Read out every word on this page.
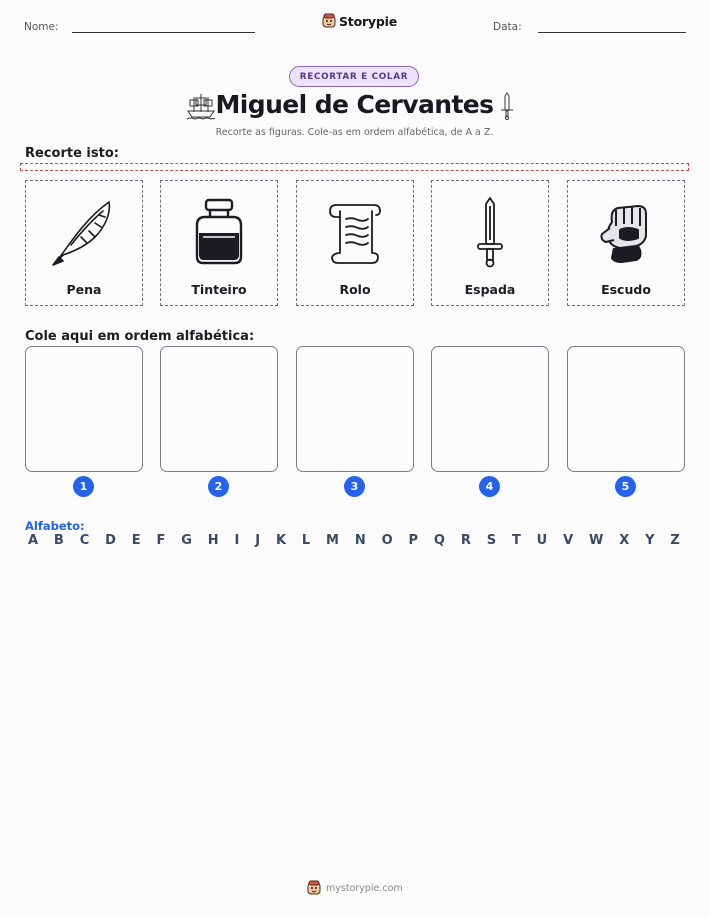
Nome:	Storypie	Data:
RECORTAR E COLAR
Miguel de Cervantes
Recorte as figuras. Cole-as em ordem alfabética, de A a Z.
Recorte isto:
Pena	Tinteiro	Rolo	Espada	Escudo
Cole aqui em ordem alfabética:
1	2	3	4	5
Alfabeto:
A B C D E F G H I J K L M N O P Q R S T U V W X Y Z
mystorypie.com
